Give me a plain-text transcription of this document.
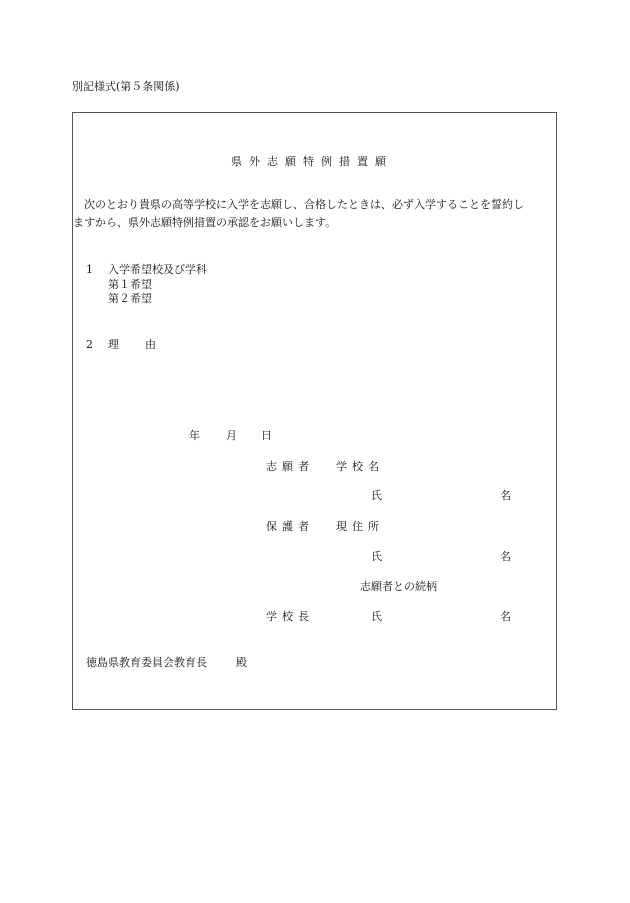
別記様式(第５条関係)
県外志願特例措置願
次のとおり貴県の高等学校に入学を志願し、合格したときは、必ず入学することを誓約し
ますから、県外志願特例措置の承認をお願いします。
1 入学希望校及び学科
第１希望
第２希望
2 理 由
年 月 日
志願者 学校名
氏	名
保護者 現住所
氏	名
志願者との続柄
学校長	氏	名
徳島県教育委員会教育長	殿
